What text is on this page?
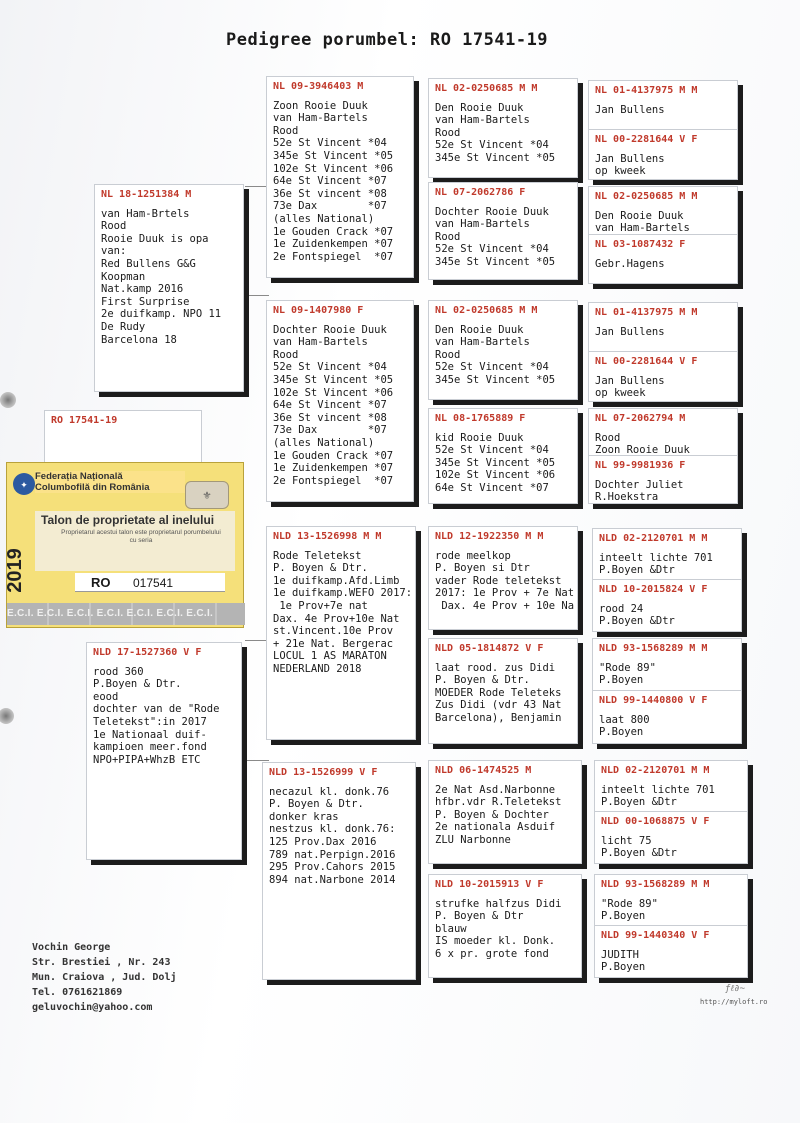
Pedigree porumbel: RO 17541-19
RO 17541-19
NL 18-1251384 M
van Ham-Brtels
Rood
Rooie Duuk is opa
van:
Red Bullens G&G
Koopman
Nat.kamp 2016
First Surprise
2e duifkamp. NPO 11
De Rudy
Barcelona 18
NLD 17-1527360 V F
rood 360
P.Boyen & Dtr.
eood
dochter van de "Rode
Teletekst":in 2017
1e Nationaal duif-
kampioen meer.fond
NPO+PIPA+WhzB ETC
NL 09-3946403 M
Zoon Rooie Duuk
van Ham-Bartels
Rood
52e St Vincent *04
345e St Vincent *05
102e St Vincent *06
64e St Vincent *07
36e St vincent *08
73e Dax        *07
(alles National)
1e Gouden Crack *07
1e Zuidenkempen *07
2e Fontspiegel  *07
NL 09-1407980 F
Dochter Rooie Duuk
van Ham-Bartels
Rood
52e St Vincent *04
345e St Vincent *05
102e St Vincent *06
64e St Vincent *07
36e St vincent *08
73e Dax        *07
(alles National)
1e Gouden Crack *07
1e Zuidenkempen *07
2e Fontspiegel  *07
NLD 13-1526998 M M
Rode Teletekst
P. Boyen & Dtr.
1e duifkamp.Afd.Limb
1e duifkamp.WEFO 2017:
1e Prov+7e nat
Dax. 4e Prov+10e Nat
st.Vincent.10e Prov
+ 21e Nat. Bergerac
LOCUL 1 AS MARATON
NEDERLAND 2018
NLD 13-1526999 V F
necazul kl. donk.76
P. Boyen & Dtr.
donker kras
nestzus kl. donk.76:
125 Prov.Dax 2016
789 nat.Perpign.2016
295 Prov.Cahors 2015
894 nat.Narbone 2014
NL 02-0250685 M M
Den Rooie Duuk
van Ham-Bartels
Rood
52e St Vincent *04
345e St Vincent *05
NL 07-2062786 F
Dochter Rooie Duuk
van Ham-Bartels
Rood
52e St Vincent *04
345e St Vincent *05
NL 02-0250685 M M
Den Rooie Duuk
van Ham-Bartels
Rood
52e St Vincent *04
345e St Vincent *05
NL 08-1765889 F
kid Rooie Duuk
52e St Vincent *04
345e St Vincent *05
102e St Vincent *06
64e St Vincent *07
NLD 12-1922350 M M
rode meelkop
P. Boyen si Dtr
vader Rode teletekst
2017: 1e Prov + 7e Nat
Dax. 4e Prov + 10e Na
NLD 05-1814872 V F
laat rood. zus Didi
P. Boyen & Dtr.
MOEDER Rode Teleteks
Zus Didi (vdr 43 Nat
Barcelona), Benjamin
NLD 06-1474525 M
2e Nat Asd.Narbonne
hfbr.vdr R.Teletekst
P. Boyen & Dochter
2e nationala Asduif
ZLU Narbonne
NLD 10-2015913 V F
strufke halfzus Didi
P. Boyen & Dtr
blauw
IS moeder kl. Donk.
6 x pr. grote fond
NL 01-4137975 M M
Jan Bullens
NL 00-2281644 V F
Jan Bullens
op kweek
NL 02-0250685 M M
Den Rooie Duuk
van Ham-Bartels
NL 03-1087432 F
Gebr.Hagens
NL 01-4137975 M M
Jan Bullens
NL 00-2281644 V F
Jan Bullens
op kweek
NL 07-2062794 M
Rood
Zoon Rooie Duuk
NL 99-9981936 F
Dochter Juliet
R.Hoekstra
NLD 02-2120701 M M
inteelt lichte 701
P.Boyen &Dtr
NLD 10-2015824 V F
rood 24
P.Boyen &Dtr
NLD 93-1568289 M M
"Rode 89"
P.Boyen
NLD 99-1440800 V F
laat 800
P.Boyen
NLD 02-2120701 M M
inteelt lichte 701
P.Boyen &Dtr
NLD 00-1068875 V F
licht 75
P.Boyen &Dtr
NLD 93-1568289 M M
"Rode 89"
P.Boyen
NLD 99-1440340 V F
JUDITH
P.Boyen
✦
Federația Națională
Columbofilă din România
⚜
Talon de proprietate al inelului
Proprietarul acestui talon este proprietarul porumbelului cu seria
2019	RO 017541
E.C.I. E.C.I. E.C.I. E.C.I. E.C.I. E.C.I. E.C.I.
Vochin George
Str. Brestiei , Nr. 243
Mun. Craiova , Jud. Dolj
Tel. 0761621869
geluvochin@yahoo.com
ƒℓ∂~
http://myloft.ro
